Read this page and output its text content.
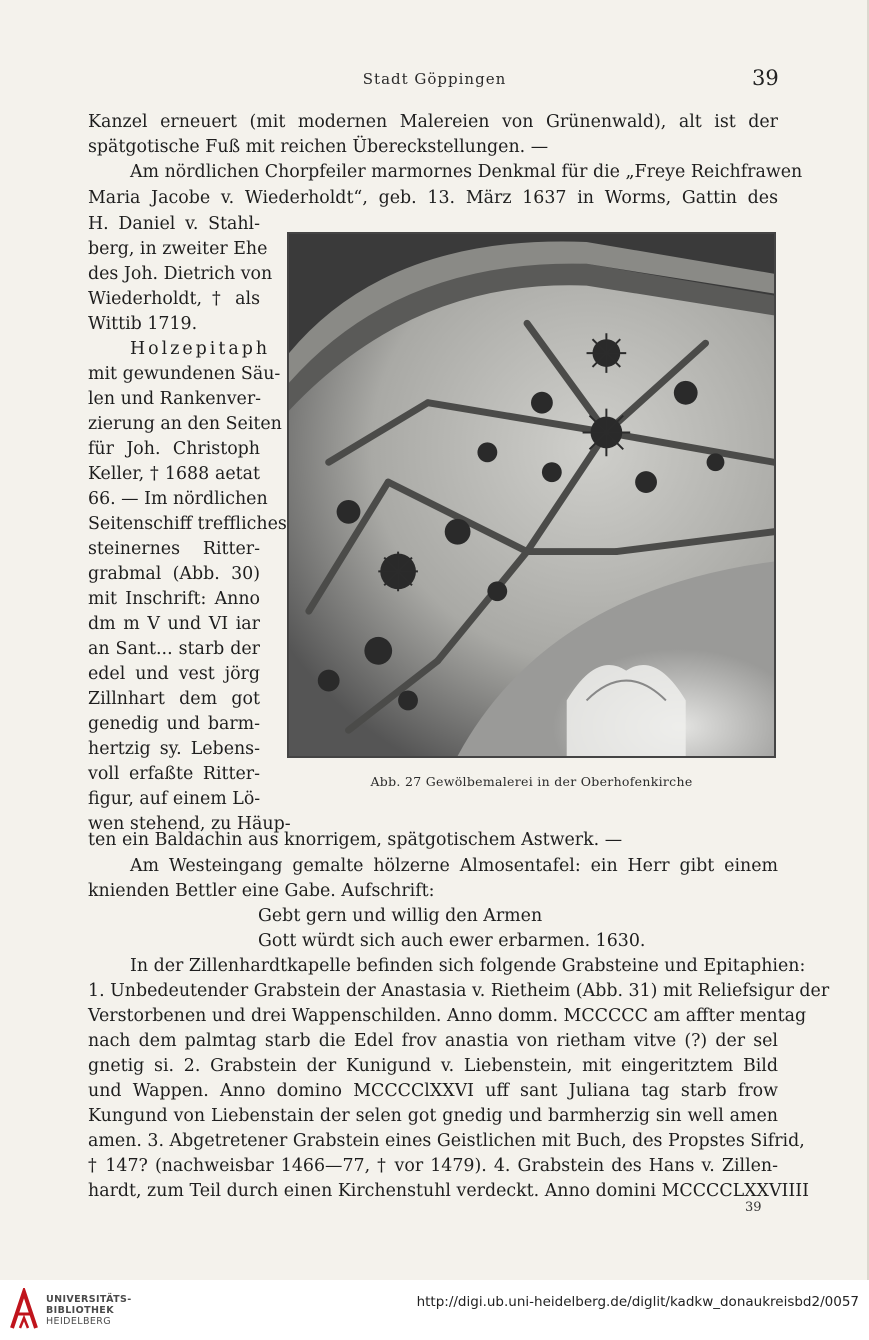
Stadt Göppingen	39
Kanzel erneuert (mit modernen Malereien von Grünenwald), alt ist der
spätgotische Fuß mit reichen Übereckstellungen. —
Am nördlichen Chorpfeiler marmornes Denkmal für die „Freye Reichfrawen
Maria Jacobe v. Wiederholdt“, geb. 13. März 1637 in Worms, Gattin des
H. Daniel v. Stahl-
berg, in zweiter Ehe
des Joh. Dietrich von
Wiederholdt, † als
Wittib 1719.
Holzepitaph
mit gewundenen Säu-
len und Rankenver-
zierung an den Seiten
für Joh. Christoph
Keller, † 1688 aetat
66. — Im nördlichen
Seitenschiff treffliches
steinernes Ritter-
grabmal (Abb. 30)
mit Inschrift: Anno
dm m V und VI iar
an Sant... starb der
edel und vest jörg
Zillnhart dem got
genedig und barm-
hertzig sy. Lebens-
voll erfaßte Ritter-
figur, auf einem Lö-
wen stehend, zu Häup-
Abb. 27 Gewölbemalerei in der Oberhofenkirche
ten ein Baldachin aus knorrigem, spätgotischem Astwerk. —
Am Westeingang gemalte hölzerne Almosentafel: ein Herr gibt einem
knienden Bettler eine Gabe. Aufschrift:
Gebt gern und willig den Armen
Gott würdt sich auch ewer erbarmen. 1630.
In der Zillenhardtkapelle befinden sich folgende Grabsteine und Epitaphien:
1. Unbedeutender Grabstein der Anastasia v. Rietheim (Abb. 31) mit Reliefsigur der
Verstorbenen und drei Wappenschilden. Anno domm. MCCCCC am affter mentag
nach dem palmtag starb die Edel frov anastia von rietham vitve (?) der sel
gnetig si. 2. Grabstein der Kunigund v. Liebenstein, mit eingeritztem Bild
und Wappen. Anno domino MCCCClXXVI uff sant Juliana tag starb frow
Kungund von Liebenstain der selen got gnedig und barmherzig sin well amen
amen. 3. Abgetretener Grabstein eines Geistlichen mit Buch, des Propstes Sifrid,
† 147? (nachweisbar 1466—77, † vor 1479). 4. Grabstein des Hans v. Zillen-
hardt, zum Teil durch einen Kirchenstuhl verdeckt. Anno domini MCCCCLXXVIIII
39
UNIVERSITÄTS-
BIBLIOTHEK
HEIDELBERG
http://digi.ub.uni-heidelberg.de/diglit/kadkw_donaukreisbd2/0057
